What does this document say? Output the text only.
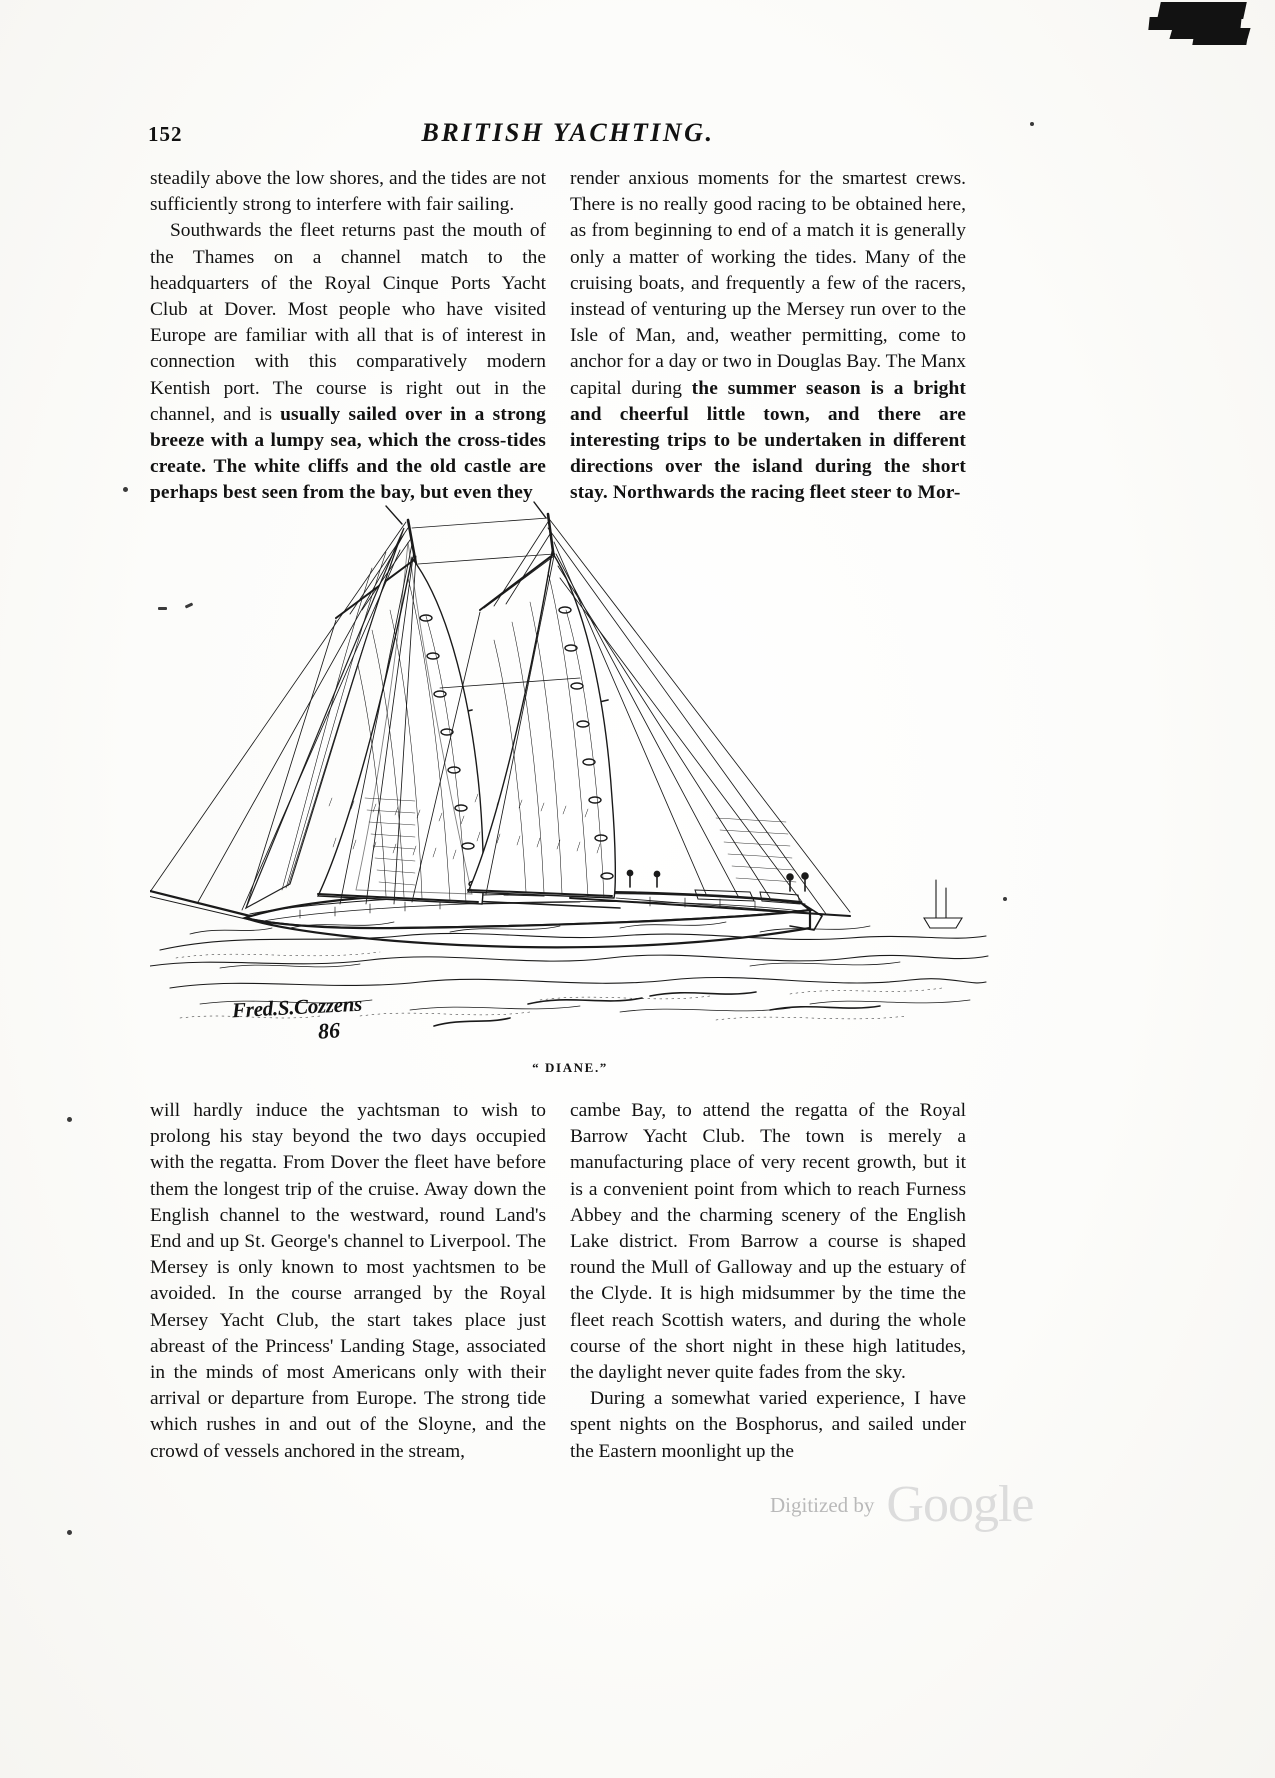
152	BRITISH YACHTING.

steadily above the low shores, and the tides are not sufficiently strong to interfere with fair sailing.

Southwards the fleet returns past the mouth of the Thames on a channel match to the headquarters of the Royal Cinque Ports Yacht Club at Dover. Most people who have visited Europe are familiar with all that is of interest in connection with this comparatively modern Kentish port. The course is right out in the channel, and is usually sailed over in a strong breeze with a lumpy sea, which the cross-tides create. The white cliffs and the old castle are perhaps best seen from the bay, but even they

render anxious moments for the smartest crews. There is no really good racing to be obtained here, as from beginning to end of a match it is generally only a matter of working the tides. Many of the cruising boats, and frequently a few of the racers, instead of venturing up the Mersey run over to the Isle of Man, and, weather permitting, come to anchor for a day or two in Douglas Bay. The Manx capital during the summer season is a bright and cheerful little town, and there are interesting trips to be undertaken in different directions over the island during the short stay. Northwards the racing fleet steer to Mor-

Fred.S.Cozzens
86
“ DIANE.”

will hardly induce the yachtsman to wish to prolong his stay beyond the two days occupied with the regatta. From Dover the fleet have before them the longest trip of the cruise. Away down the English channel to the westward, round Land's End and up St. George's channel to Liverpool. The Mersey is only known to most yachtsmen to be avoided. In the course arranged by the Royal Mersey Yacht Club, the start takes place just abreast of the Princess' Landing Stage, associated in the minds of most Americans only with their arrival or departure from Europe. The strong tide which rushes in and out of the Sloyne, and the crowd of vessels anchored in the stream,

cambe Bay, to attend the regatta of the Royal Barrow Yacht Club. The town is merely a manufacturing place of very recent growth, but it is a convenient point from which to reach Furness Abbey and the charming scenery of the English Lake district. From Barrow a course is shaped round the Mull of Galloway and up the estuary of the Clyde. It is high midsummer by the time the fleet reach Scottish waters, and during the whole course of the short night in these high latitudes, the daylight never quite fades from the sky.

During a somewhat varied experience, I have spent nights on the Bosphorus, and sailed under the Eastern moonlight up the

Digitized by Google
